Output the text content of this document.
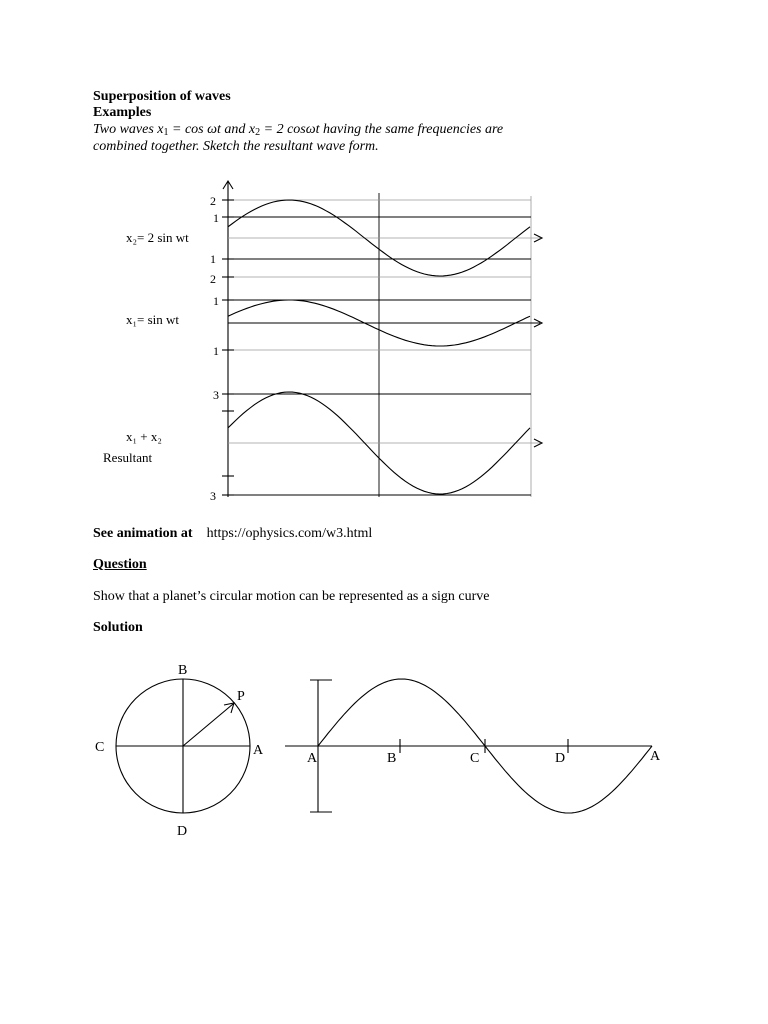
Superposition of waves
Examples
Two waves $x_1 = \cos \omega t$ and $x_2 = 2$ cosωt having the same frequencies are
combined together. Sketch the resultant wave form.
2
1
1
2
1
1
3
3
x₂= 2 sin wt
x₁= sin wt
x₁ + x₂
Resultant
See animation at https://ophysics.com/w3.html
Question
Show that a planet’s circular motion can be represented as a sign curve
Solution
B
P
A
C
D
A	B	C	D	A
